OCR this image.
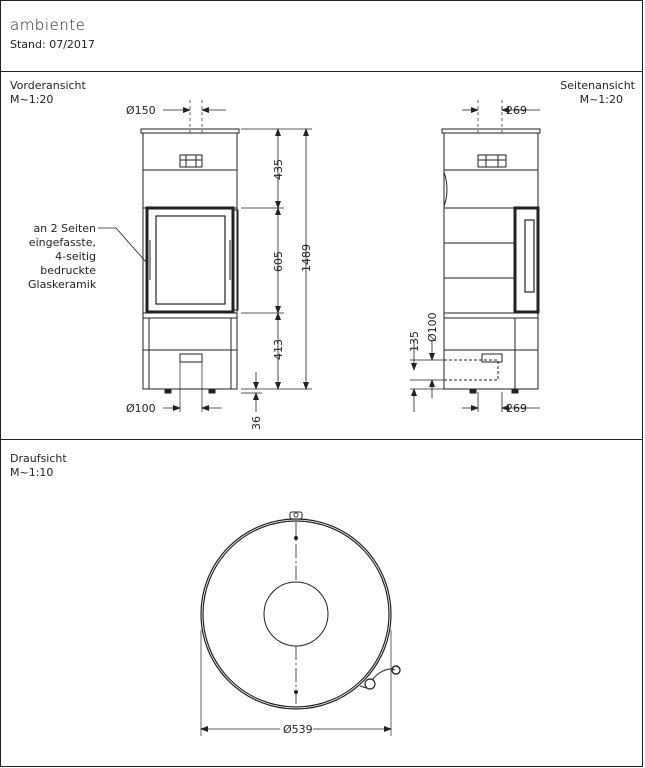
ambiente
Stand: 07/2017
Vorderansicht
M~1:20
Seitenansicht
M~1:20
Draufsicht
M~1:10
an 2 Seiten
eingefasste,
4-seitig
bedruckte
Glaskeramik
Ø150
Ø100
435
605
413
1489
36
269
269
Ø100
135
Ø539
